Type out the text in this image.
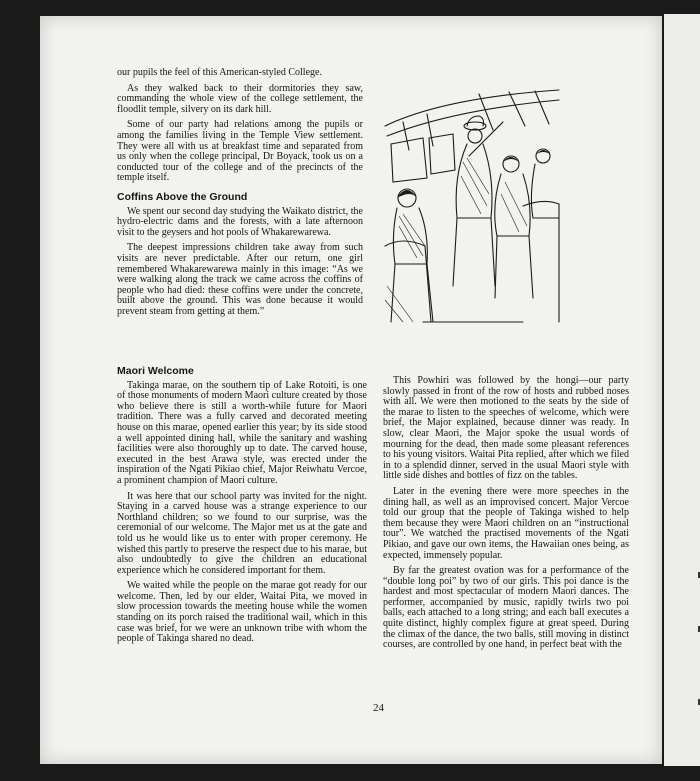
our pupils the feel of this American-styled College.

As they walked back to their dormitories they saw, commanding the whole view of the college settlement, the floodlit temple, silvery on its dark hill.

Some of our party had relations among the pupils or among the families living in the Temple View settlement. They were all with us at breakfast time and separated from us only when the college principal, Dr Boyack, took us on a conducted tour of the college and of the precincts of the temple itself.

Coffins Above the Ground

We spent our second day studying the Waikato district, the hydro-electric dams and the forests, with a late afternoon visit to the geysers and hot pools of Whakarewarewa.

The deepest impressions children take away from such visits are never predictable. After our return, one girl remembered Whakarewarewa mainly in this image: “As we were walking along the track we came across the coffins of people who had died: these coffins were under the concrete, built above the ground. This was done because it would prevent steam from getting at them.”

Maori Welcome

Takinga marae, on the southern tip of Lake Rotoiti, is one of those monuments of modern Maori culture created by those who believe there is still a worth-while future for Maori tradition. There was a fully carved and decorated meeting house on this marae, opened earlier this year; by its side stood a well appointed dining hall, while the sanitary and washing facilities were also thoroughly up to date. The carved house, executed in the best Arawa style, was erected under the inspiration of the Ngati Pikiao chief, Major Reiwhatu Vercoe, a prominent champion of Maori culture.

It was here that our school party was invited for the night. Staying in a carved house was a strange experience to our Northland children; so we found to our surprise, was the ceremonial of our welcome. The Major met us at the gate and told us he would like us to enter with proper ceremony. He wished this partly to preserve the respect due to his marae, but also undoubtedly to give the children an educational experience which he considered important for them.

We waited while the people on the marae got ready for our welcome. Then, led by our elder, Waitai Pita, we moved in slow procession towards the meeting house while the women standing on its porch raised the traditional wail, which in this case was brief, for we were an unknown tribe with whom the people of Takinga shared no dead.

This Powhiri was followed by the hongi—our party slowly passed in front of the row of hosts and rubbed noses with all. We were then motioned to the seats by the side of the marae to listen to the speeches of welcome, which were brief, the Major explained, because dinner was ready. In slow, clear Maori, the Major spoke the usual words of mourning for the dead, then made some pleasant references to his young visitors. Waitai Pita replied, after which we filed in to a splendid dinner, served in the usual Maori style with little side dishes and bottles of fizz on the tables.

Later in the evening there were more speeches in the dining hall, as well as an improvised concert. Major Vercoe told our group that the people of Takinga wished to help them because they were Maori children on an “instructional tour”. We watched the practised movements of the Ngati Pikiao, and gave our own items, the Hawaiian ones being, as expected, immensely popular.

By far the greatest ovation was for a performance of the “double long poi” by two of our girls. This poi dance is the hardest and most spectacular of modern Maori dances. The performer, accompanied by music, rapidly twirls two poi balls, each attached to a long string; and each ball executes a quite distinct, highly complex figure at great speed. During the climax of the dance, the two balls, still moving in distinct courses, are controlled by one hand, in perfect beat with the

24
